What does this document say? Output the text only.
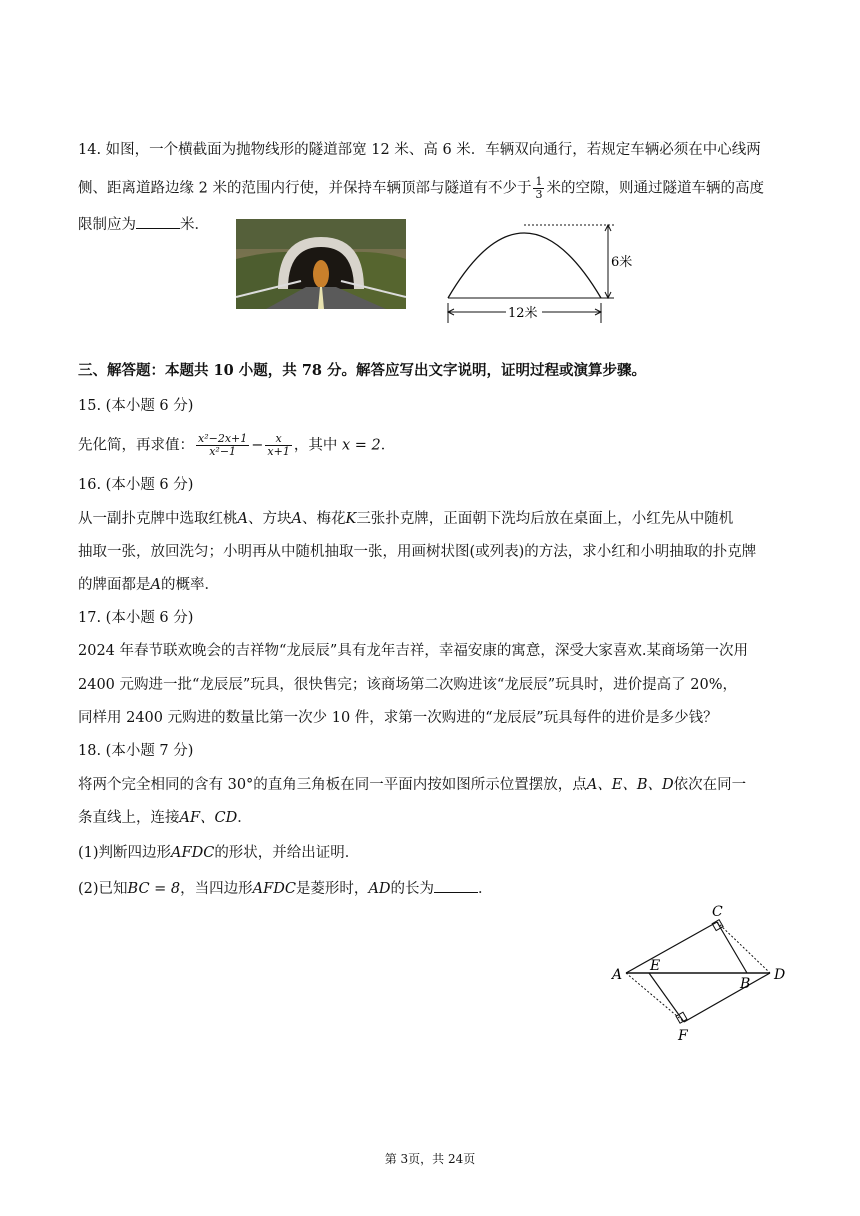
14. 如图，一个横截面为抛物线形的隧道部宽 12 米、高 6 米．车辆双向通行，若规定车辆必须在中心线两
侧、距离道路边缘 2 米的范围内行使，并保持车辆顶部与隧道有不少于 $\frac{1}{3}$ 米的空隙，则通过隧道车辆的高度
限制应为	米．
6米
12米
三、解答题：本题共 10 小题，共 78 分。解答应写出文字说明，证明过程或演算步骤。
15. (本小题 6 分)
先化简，再求值： $\frac{\text{x²−2x+1}}{\text{x²−1}} - \frac{x}{x+1}$ ，其中 x = 2．
16. (本小题 6 分)
从一副扑克牌中选取红桃A、方块A、梅花K三张扑克牌，正面朝下洗均后放在桌面上，小红先从中随机
抽取一张，放回洗匀；小明再从中随机抽取一张，用画树状图(或列表)的方法，求小红和小明抽取的扑克牌
的牌面都是A的概率．
17. (本小题 6 分)
2024 年春节联欢晚会的吉祥物“龙辰辰”具有龙年吉祥，幸福安康的寓意，深受大家喜欢.某商场第一次用
2400 元购进一批“龙辰辰”玩具，很快售完；该商场第二次购进该“龙辰辰”玩具时，进价提高了 20%，
同样用 2400 元购进的数量比第一次少 10 件，求第一次购进的“龙辰辰”玩具每件的进价是多少钱？
18. (本小题 7 分)
将两个完全相同的含有 30°的直角三角板在同一平面内按如图所示位置摆放，点A、E、B、D依次在同一
条直线上，连接AF、CD．
(1)判断四边形AFDC的形状，并给出证明．
(2)已知BC = 8，当四边形AFDC是菱形时，AD的长为	．
A
E
B
D
C
F
第 3页，共 24页
